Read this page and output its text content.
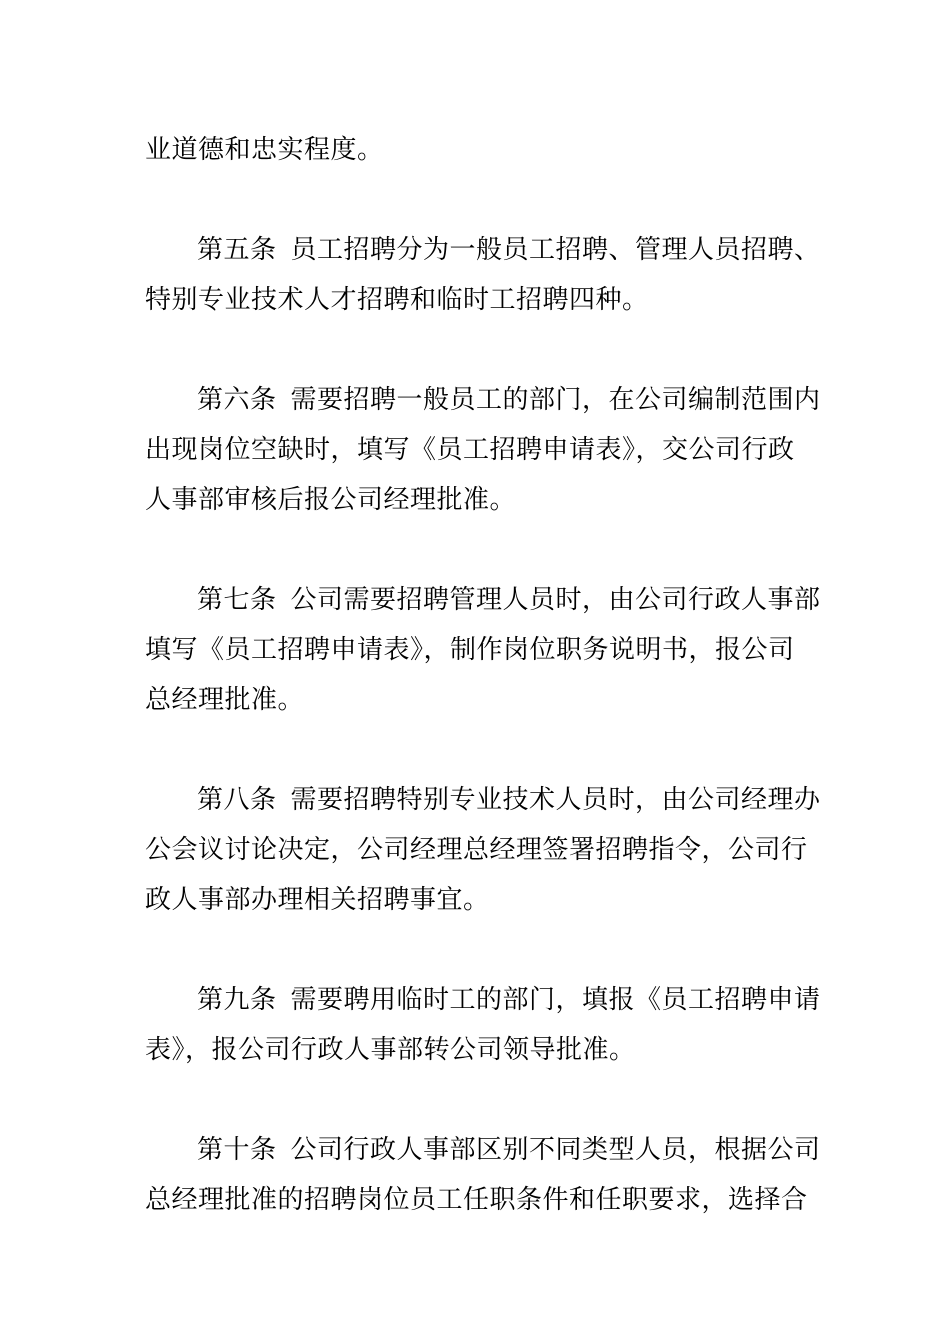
业道德和忠实程度。
第五条 员工招聘分为一般员工招聘、管理人员招聘、
特别专业技术人才招聘和临时工招聘四种。
第六条 需要招聘一般员工的部门，在公司编制范围内
出现岗位空缺时，填写《员工招聘申请表》，交公司行政
人事部审核后报公司经理批准。
第七条 公司需要招聘管理人员时，由公司行政人事部
填写《员工招聘申请表》，制作岗位职务说明书，报公司
总经理批准。
第八条 需要招聘特别专业技术人员时，由公司经理办
公会议讨论决定，公司经理总经理签署招聘指令，公司行
政人事部办理相关招聘事宜。
第九条 需要聘用临时工的部门，填报《员工招聘申请
表》，报公司行政人事部转公司领导批准。
第十条 公司行政人事部区别不同类型人员，根据公司
总经理批准的招聘岗位员工任职条件和任职要求，选择合
